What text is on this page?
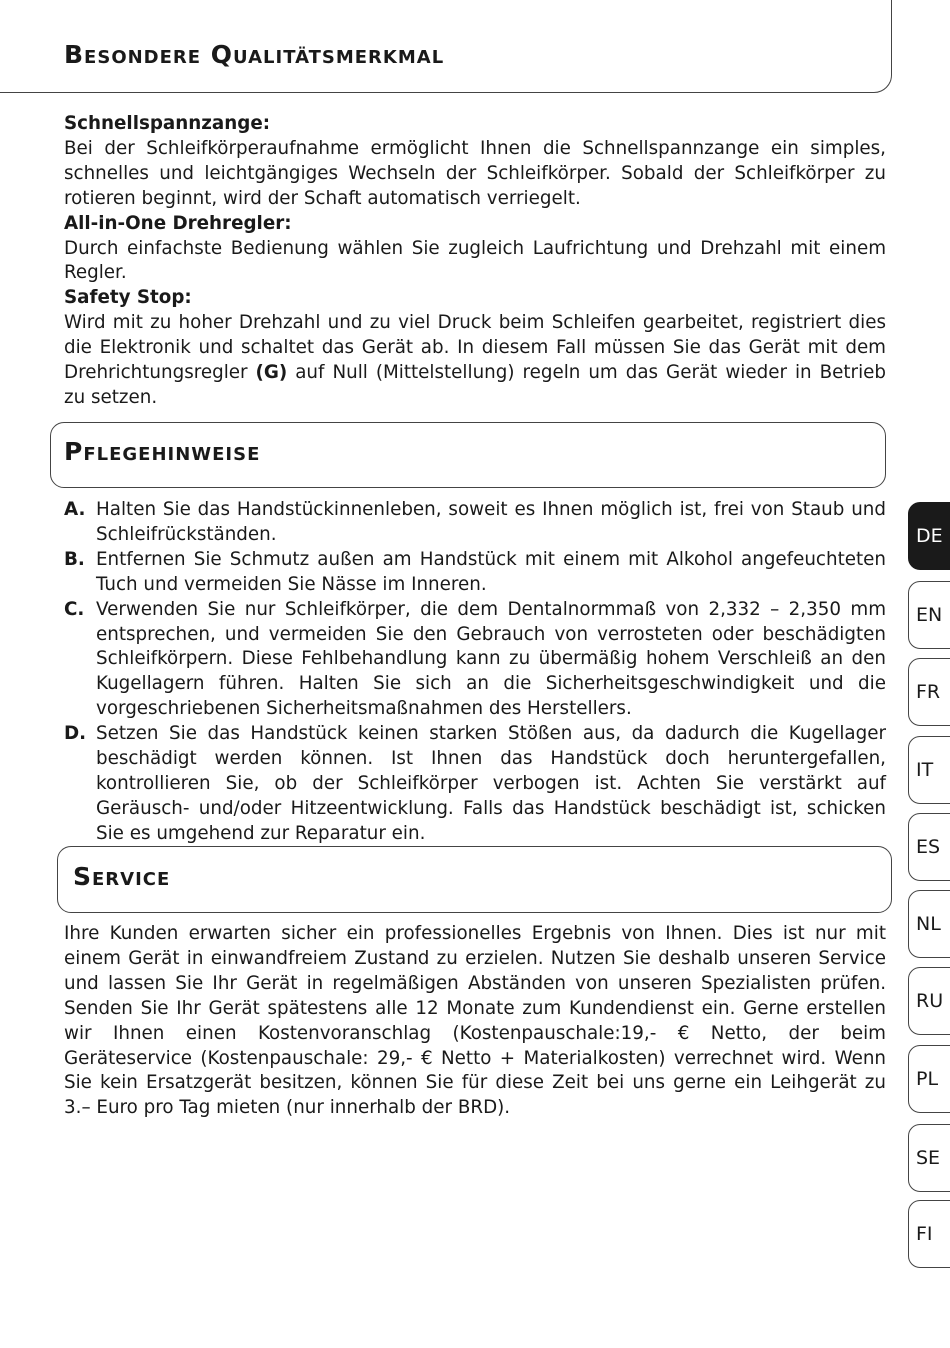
Besondere Qualitätsmerkmal
Schnellspannzange:
Bei der Schleifkörperaufnahme ermöglicht Ihnen die Schnellspannzange ein simples, schnelles und leichtgängiges Wechseln der Schleifkörper. Sobald der Schleifkörper zu rotieren beginnt, wird der Schaft automatisch verriegelt.
All-in-One Drehregler:
Durch einfachste Bedienung wählen Sie zugleich Laufrichtung und Drehzahl mit einem Regler.
Safety Stop:
Wird mit zu hoher Drehzahl und zu viel Druck beim Schleifen gearbeitet, registriert dies die Elektronik und schaltet das Gerät ab. In diesem Fall müssen Sie das Gerät mit dem Drehrichtungsregler (G) auf Null (Mittelstellung) regeln um das Gerät wieder in Betrieb zu setzen.
Pflegehinweise
A. Halten Sie das Handstückinnenleben, soweit es Ihnen möglich ist, frei von Staub und Schleifrückständen.
B. Entfernen Sie Schmutz außen am Handstück mit einem mit Alkohol angefeuchteten Tuch und vermeiden Sie Nässe im Inneren.
C. Verwenden Sie nur Schleifkörper, die dem Dentalnormmaß von 2,332 – 2,350 mm entsprechen, und vermeiden Sie den Gebrauch von verrosteten oder beschädigten Schleifkörpern. Diese Fehlbehandlung kann zu übermäßig hohem Verschleiß an den Kugellagern führen. Halten Sie sich an die Sicherheitsgeschwindigkeit und die vorgeschriebenen Sicherheitsmaßnahmen des Herstellers.
D. Setzen Sie das Handstück keinen starken Stößen aus, da dadurch die Kugellager beschädigt werden können. Ist Ihnen das Handstück doch heruntergefallen, kontrollieren Sie, ob der Schleifkörper verbogen ist. Achten Sie verstärkt auf Geräusch- und/oder Hitzeentwicklung. Falls das Handstück beschädigt ist, schicken Sie es umgehend zur Reparatur ein.
Service
Ihre Kunden erwarten sicher ein professionelles Ergebnis von Ihnen. Dies ist nur mit einem Gerät in einwandfreiem Zustand zu erzielen. Nutzen Sie deshalb unseren Service und lassen Sie Ihr Gerät in regelmäßigen Abständen von unseren Spezialisten prüfen. Senden Sie Ihr Gerät spätestens alle 12 Monate zum Kundendienst ein. Gerne erstellen wir Ihnen einen Kostenvoranschlag (Kostenpauschale:19,- € Netto, der beim Geräteservice (Kostenpauschale: 29,- € Netto + Materialkosten) verrechnet wird. Wenn Sie kein Ersatzgerät besitzen, können Sie für diese Zeit bei uns gerne ein Leihgerät zu 3.– Euro pro Tag mieten (nur innerhalb der BRD).
DE
EN
FR
IT
ES
NL
RU
PL
SE
FI
